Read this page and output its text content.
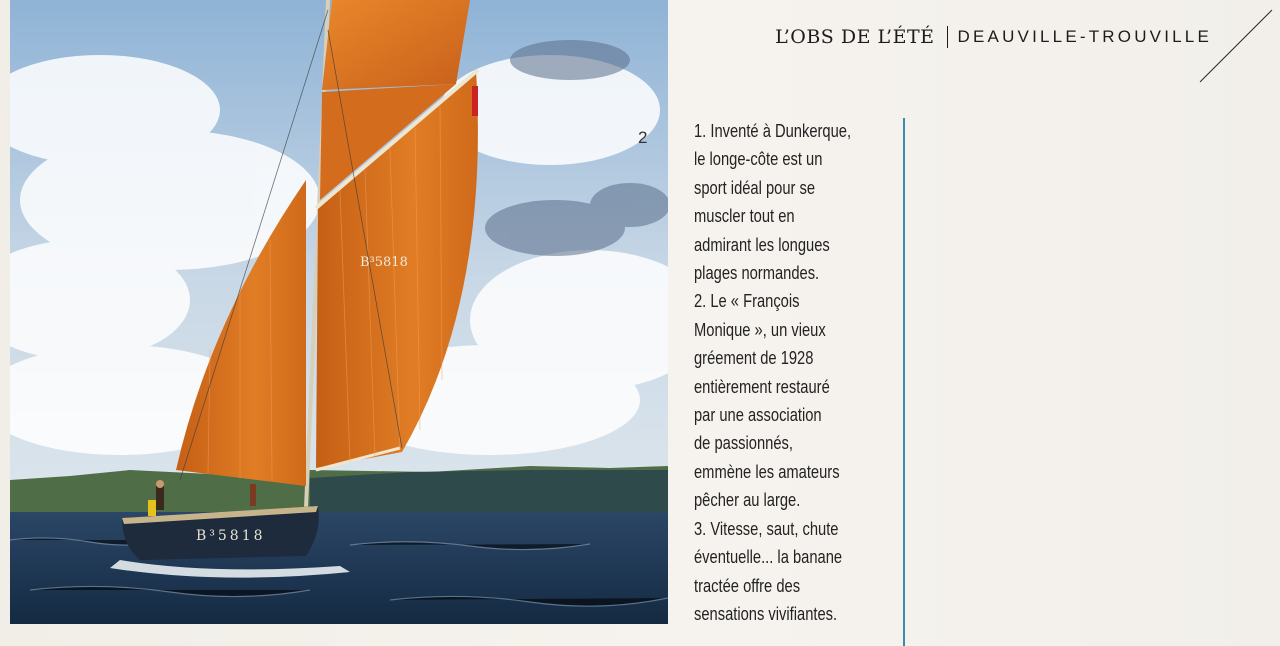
B³5818
B³5818
L’OBS DE L’ÉTÉ DEAUVILLE-TROUVILLE
2	1. Inventé à Dunkerque,
le longe-côte est un
sport idéal pour se
muscler tout en
admirant les longues
plages normandes.
2. Le « François
Monique », un vieux
gréement de 1928
entièrement restauré
par une association
de passionnés,
emmène les amateurs
pêcher au large.
3. Vitesse, saut, chute
éventuelle... la banane
tractée offre des
sensations vivifiantes.
